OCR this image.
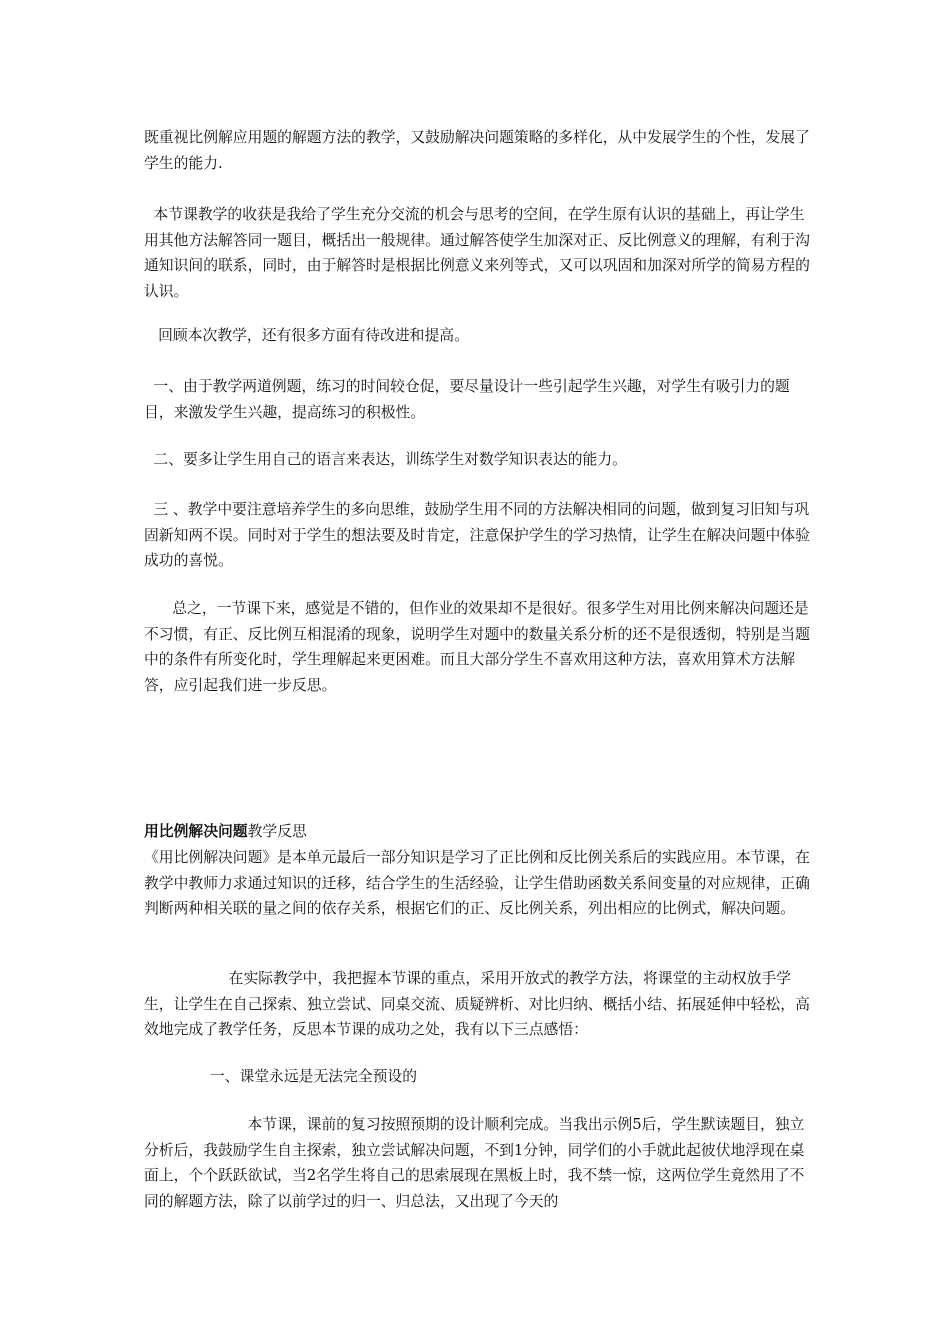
既重视比例解应用题的解题方法的教学，又鼓励解决问题策略的多样化，从中发展学生的个性，发展了学生的能力.

本节课教学的收获是我给了学生充分交流的机会与思考的空间，在学生原有认识的基础上，再让学生用其他方法解答同一题目，概括出一般规律。通过解答使学生加深对正、反比例意义的理解，有利于沟通知识间的联系，同时，由于解答时是根据比例意义来列等式，又可以巩固和加深对所学的简易方程的认识。

回顾本次教学，还有很多方面有待改进和提高。

一、由于教学两道例题，练习的时间较仓促，要尽量设计一些引起学生兴趣，对学生有吸引力的题目，来激发学生兴趣，提高练习的积极性。

二、要多让学生用自己的语言来表达，训练学生对数学知识表达的能力。

三 、教学中要注意培养学生的多向思维，鼓励学生用不同的方法解决相同的问题，做到复习旧知与巩固新知两不误。同时对于学生的想法要及时肯定，注意保护学生的学习热情，让学生在解决问题中体验成功的喜悦。

总之，一节课下来，感觉是不错的，但作业的效果却不是很好。很多学生对用比例来解决问题还是不习惯，有正、反比例互相混淆的现象，说明学生对题中的数量关系分析的还不是很透彻，特别是当题中的条件有所变化时，学生理解起来更困难。而且大部分学生不喜欢用这种方法，喜欢用算术方法解答，应引起我们进一步反思。

用比例解决问题教学反思

《用比例解决问题》是本单元最后一部分知识是学习了正比例和反比例关系后的实践应用。本节课，在教学中教师力求通过知识的迁移，结合学生的生活经验，让学生借助函数关系间变量的对应规律，正确判断两种相关联的量之间的依存关系，根据它们的正、反比例关系，列出相应的比例式，解决问题。

在实际教学中，我把握本节课的重点，采用开放式的教学方法，将课堂的主动权放手学生，让学生在自己探索、独立尝试、同桌交流、质疑辨析、对比归纳、概括小结、拓展延伸中轻松，高效地完成了教学任务，反思本节课的成功之处，我有以下三点感悟：

一、课堂永远是无法完全预设的

本节课，课前的复习按照预期的设计顺利完成。当我出示例5后，学生默读题目，独立分析后，我鼓励学生自主探索，独立尝试解决问题，不到1分钟，同学们的小手就此起彼伏地浮现在桌面上，个个跃跃欲试，当2名学生将自己的思索展现在黑板上时，我不禁一惊，这两位学生竟然用了不同的解题方法，除了以前学过的归一、归总法，又出现了今天的
